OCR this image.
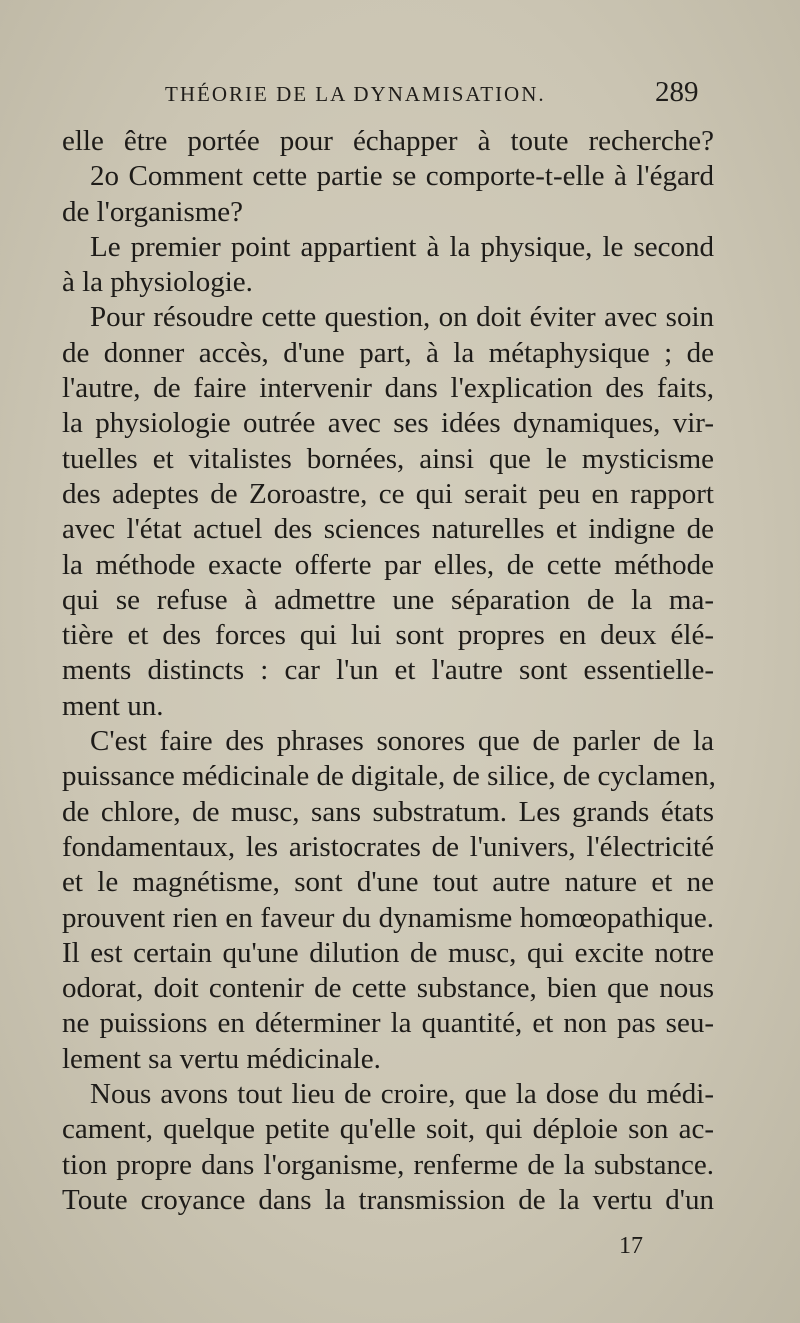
THÉORIE DE LA DYNAMISATION.	289
elle être portée pour échapper à toute recherche?
2o Comment cette partie se comporte-t-elle à l'égard
de l'organisme?
Le premier point appartient à la physique, le second
à la physiologie.
Pour résoudre cette question, on doit éviter avec soin
de donner accès, d'une part, à la métaphysique ; de
l'autre, de faire intervenir dans l'explication des faits,
la physiologie outrée avec ses idées dynamiques, vir-
tuelles et vitalistes bornées, ainsi que le mysticisme
des adeptes de Zoroastre, ce qui serait peu en rapport
avec l'état actuel des sciences naturelles et indigne de
la méthode exacte offerte par elles, de cette méthode
qui se refuse à admettre une séparation de la ma-
tière et des forces qui lui sont propres en deux élé-
ments distincts : car l'un et l'autre sont essentielle-
ment un.
C'est faire des phrases sonores que de parler de la
puissance médicinale de digitale, de silice, de cyclamen,
de chlore, de musc, sans substratum. Les grands états
fondamentaux, les aristocrates de l'univers, l'électricité
et le magnétisme, sont d'une tout autre nature et ne
prouvent rien en faveur du dynamisme homœopathique.
Il est certain qu'une dilution de musc, qui excite notre
odorat, doit contenir de cette substance, bien que nous
ne puissions en déterminer la quantité, et non pas seu-
lement sa vertu médicinale.
Nous avons tout lieu de croire, que la dose du médi-
cament, quelque petite qu'elle soit, qui déploie son ac-
tion propre dans l'organisme, renferme de la substance.
Toute croyance dans la transmission de la vertu d'un
17
